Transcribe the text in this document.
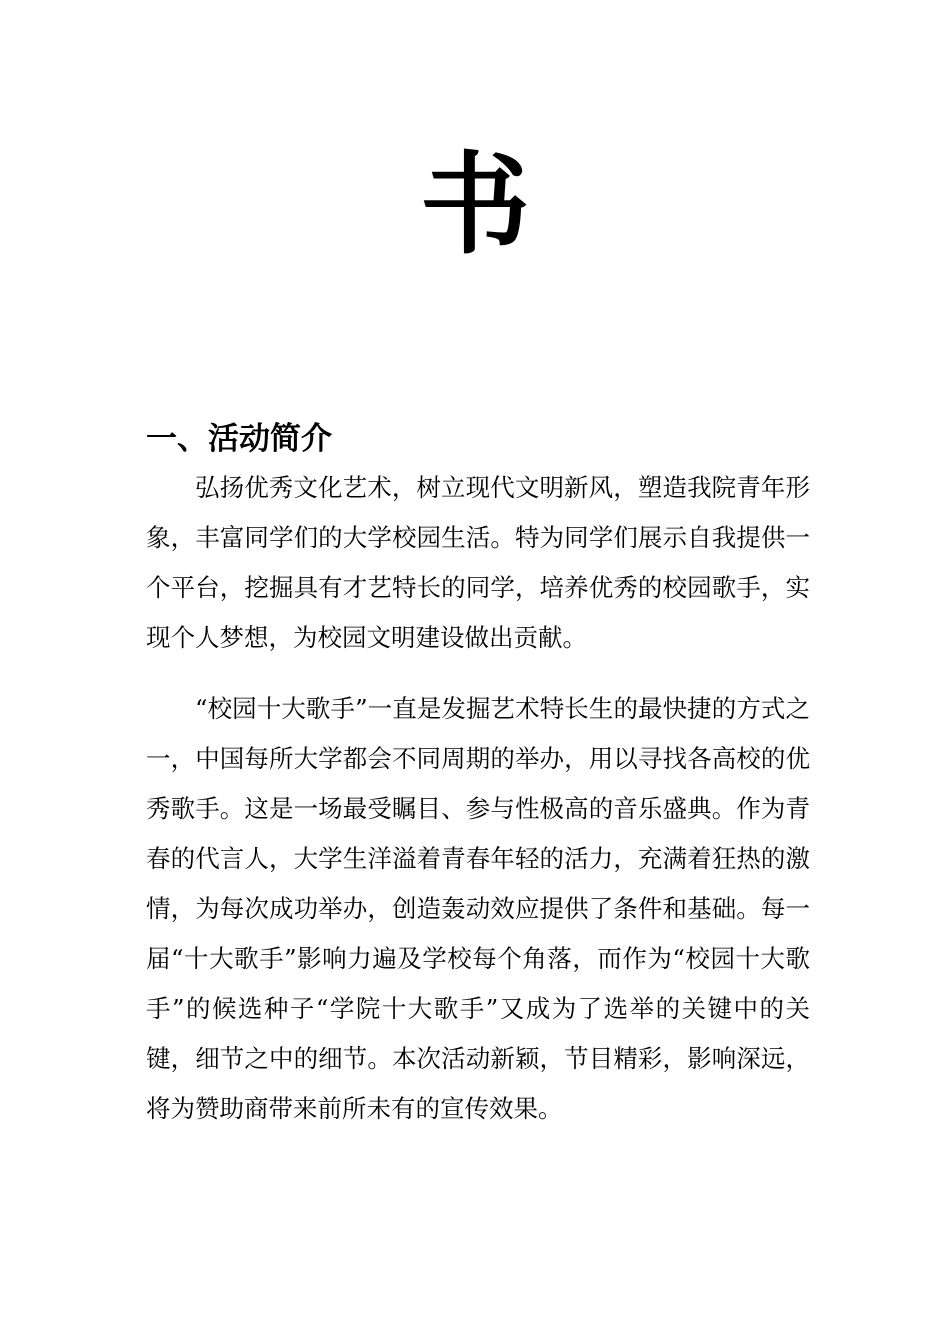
书
一、活动简介

弘扬优秀文化艺术，树立现代文明新风，塑造我院青年形象，丰富同学们的大学校园生活。特为同学们展示自我提供一个平台，挖掘具有才艺特长的同学，培养优秀的校园歌手，实现个人梦想，为校园文明建设做出贡献。

“校园十大歌手”一直是发掘艺术特长生的最快捷的方式之一，中国每所大学都会不同周期的举办，用以寻找各高校的优秀歌手。这是一场最受瞩目、参与性极高的音乐盛典。作为青春的代言人，大学生洋溢着青春年轻的活力，充满着狂热的激情，为每次成功举办，创造轰动效应提供了条件和基础。每一届“十大歌手”影响力遍及学校每个角落，而作为“校园十大歌手”的候选种子“学院十大歌手”又成为了选举的关键中的关键，细节之中的细节。本次活动新颖，节目精彩，影响深远，将为赞助商带来前所未有的宣传效果。
